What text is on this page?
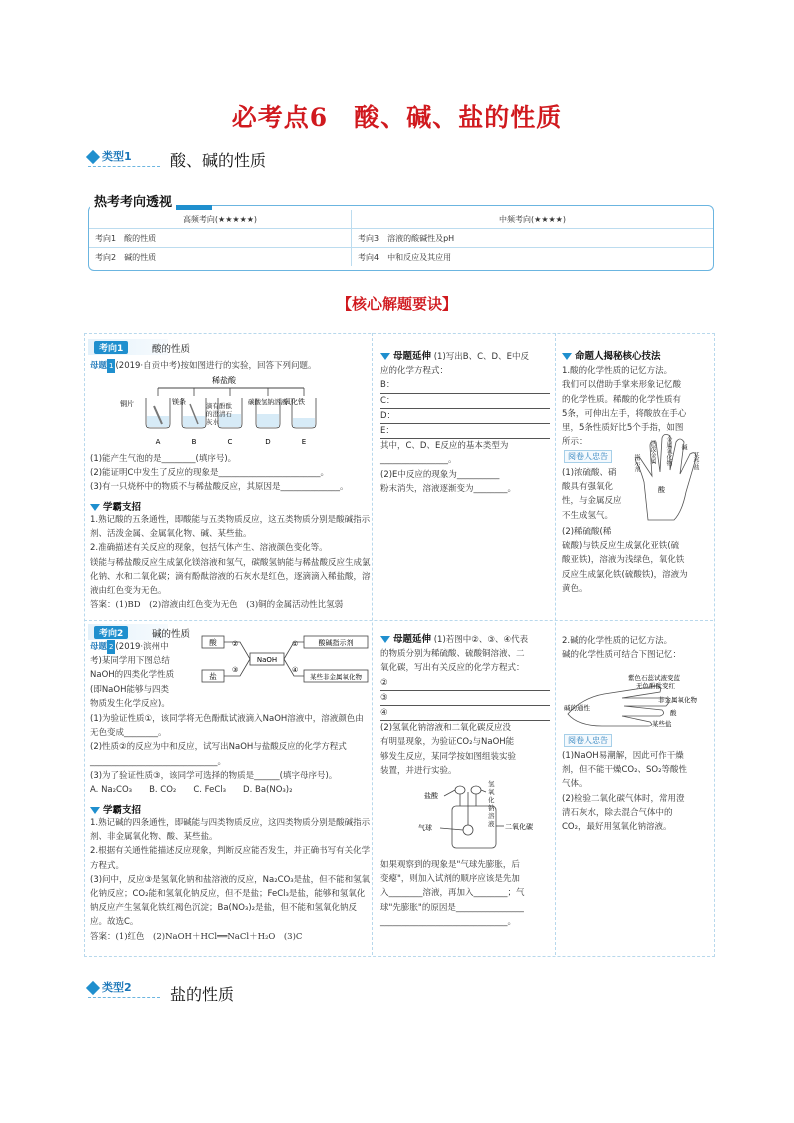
必考点6　酸、碱、盐的性质
类型1 酸、碱的性质
高频考向(★★★★★)	中频考向(★★★★)
考向1　酸的性质	考向3　溶液的酸碱性及pH
考向2　碱的性质	考向4　中和反应及其应用
热考考向透视
【核心解题要诀】
考向1	酸的性质
母题 1 (2019·自贡中考)按如图进行的实验，回答下列问题。
稀盐酸
铜片	镁条	碳酸氢钠溶液
氧化铁
A	B	C	D	E
滴有酚酞的澄清石灰水
(1)能产生气泡的是________(填序号)。
(2)能证明C中发生了反应的现象是________________________。
(3)有一只烧杯中的物质不与稀盐酸反应，其原因是______________。
学霸支招
1.熟记酸的五条通性，即酸能与五类物质反应，这五类物质分别是酸碱指示剂、活泼金属、金属氧化物、碱、某些盐。
2.准确描述有关反应的现象，包括气体产生、溶液颜色变化等。
镁能与稀盐酸反应生成氯化镁溶液和氢气，碳酸氢钠能与稀盐酸反应生成氯化钠、水和二氧化碳；滴有酚酞溶液的石灰水是红色，逐滴滴入稀盐酸，溶液由红色变为无色。
答案：(1)BD　(2)溶液由红色变为无色　(3)铜的金属活动性比氢弱
母题延伸 (1)写出B、C、D、E中反
应的化学方程式：
B：
C：
D：
E：
其中，C、D、E反应的基本类型为
________________。
(2)E中反应的现象为__________
粉末消失，溶液逐渐变为________。
命题人揭秘核心技法
1.酸的化学性质的记忆方法。
我们可以借助手掌来形象记忆酸
的化学性质。稀酸的化学性质有
5条，可伸出左手，将酸放在手心
里，5条性质好比5个手指，如图
所示：
酸
指示剂 活泼金属 金属氧化物 碱
某些盐
阅卷人忠告
(1)浓硫酸、硝
酸具有强氧化
性，与金属反应
不生成氢气。
(2)稀硫酸(稀
硫酸)与铁反应生成氯化亚铁(硫
酸亚铁)，溶液为浅绿色，氧化铁
反应生成氯化铁(硫酸铁)，溶液为
黄色。
考向2	碱的性质
母题 2 (2019·滨州中
考)某同学用下图总结
NaOH的四类化学性质
(即NaOH能够与四类
物质发生化学反应)。
酸
盐
NaOH
酸碱指示剂
某些非金属氧化物
①
②
③	④
(1)为验证性质①，该同学将无色酚酞试液滴入NaOH溶液中，溶液颜色由无色变成________。
(2)性质②的反应为中和反应，试写出NaOH与盐酸反应的化学方程式______________________________。
(3)为了验证性质③，该同学可选择的物质是______(填字母序号)。
A. Na₂CO₃　　B. CO₂　　C. FeCl₃　　D. Ba(NO₃)₂
学霸支招
1.熟记碱的四条通性，即碱能与四类物质反应，这四类物质分别是酸碱指示剂、非金属氧化物、酸、某些盐。
2.根据有关通性能描述反应现象，判断反应能否发生，并正确书写有关化学方程式。
(3)问中，反应③是氢氧化钠和盐溶液的反应，Na₂CO₃是盐，但不能和氢氧化钠反应；CO₂能和氢氧化钠反应，但不是盐；FeCl₃是盐，能够和氢氧化钠反应产生氢氧化铁红褐色沉淀；Ba(NO₃)₂是盐，但不能和氢氧化钠反应。故选C。
答案：(1)红色　(2)NaOH＋HCl══NaCl＋H₂O　(3)C
母题延伸 (1)若图中②、③、④代表
的物质分别为稀硫酸、硫酸铜溶液、二
氧化碳，写出有关反应的化学方程式：
②
③
④
(2)氢氧化钠溶液和二氧化碳反应没
有明显现象，为验证CO₂与NaOH能
够发生反应，某同学按如图组装实验
装置，并进行实验。
盐酸
气球	二氧化碳
氢氧化钠溶液
如果观察到的现象是"气球先膨胀，后
变瘪"，则加入试剂的顺序应该是先加
入________溶液，再加入________；气
球"先膨胀"的原因是________________
______________________________。
2.碱的化学性质的记忆方法。
碱的化学性质可结合下图记忆：
紫色石蕊试液变蓝
无色酚酞变红
非金属氧化物
碱的通性
酸
某些盐
阅卷人忠告
(1)NaOH易潮解，因此可作干燥
剂，但不能干燥CO₂、SO₂等酸性
气体。
(2)检验二氧化碳气体时，常用澄
清石灰水，除去混合气体中的
CO₂，最好用氢氧化钠溶液。
类型2 盐的性质
